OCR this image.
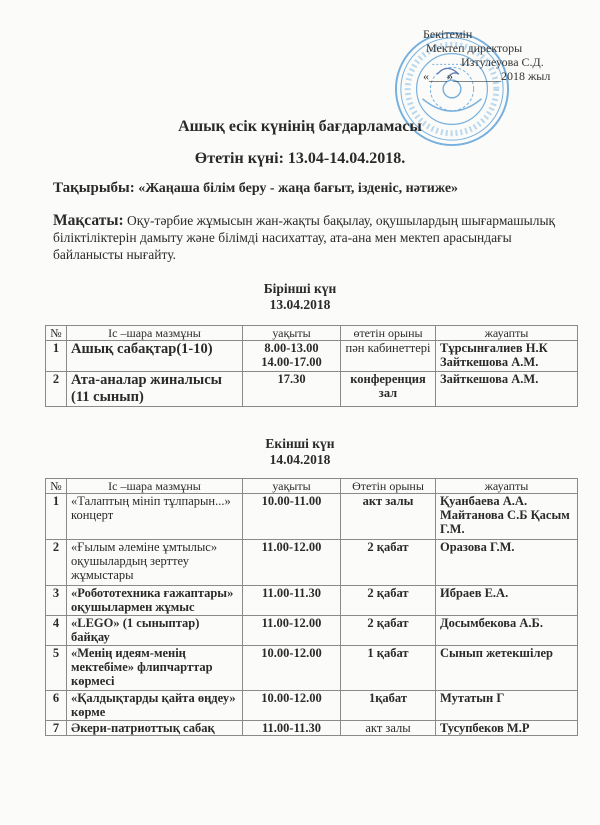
Бекітемін
Мектеп директоры
Изтулеуова С.Д.
«___»________2018 жыл
Ашық есік күнінің бағдарламасы
Өтетін күні: 13.04-14.04.2018.
Тақырыбы: «Жаңаша білім беру - жаңа бағыт, ізденіс, нәтиже»
Мақсаты: Оқу-тәрбие жұмысын жан-жақты бақылау, оқушылардың шығармашылық біліктіліктерін дамыту және білімді насихаттау, ата-ана мен мектеп арасындағы байланысты нығайту.
Бірінші күн
13.04.2018
№	Іс –шара мазмұны	уақыты	өтетін орыны	жауапты
1	Ашық сабақтар(1-10)	8.00-13.00 14.00-17.00	пән кабинеттері	Тұрсынғалиев Н.К Зайткешова А.М.
2	Ата-аналар жиналысы (11 сынып)	17.30	конференция зал	Зайткешова А.М.
Екінші күн
14.04.2018
№	Іс –шара мазмұны	уақыты	Өтетін орыны	жауапты
1	«Талаптың мініп тұлпарын...» концерт	10.00-11.00	акт залы	Қуанбаева А.А. Майтанова С.Б Қасым Г.М.
2	«Ғылым әлеміне ұмтылыс» оқушылардың зерттеу жұмыстары	11.00-12.00	2 қабат	Оразова Г.М.
3	«Робототехника ғажаптары» оқушылармен жұмыс	11.00-11.30	2 қабат	Ибраев Е.А.
4	«LEGO» (1 сыныптар) байқау	11.00-12.00	2 қабат	Досымбекова А.Б.
5	«Менің идеям-менің мектебіме» флипчарттар көрмесі	10.00-12.00	1 қабат	Сынып жетекшілер
6	«Қалдықтарды қайта өңдеу» көрме	10.00-12.00	1қабат	Мутатын Г
7	Әкери-патриоттық сабақ	11.00-11.30	акт залы	Тусупбеков М.Р
